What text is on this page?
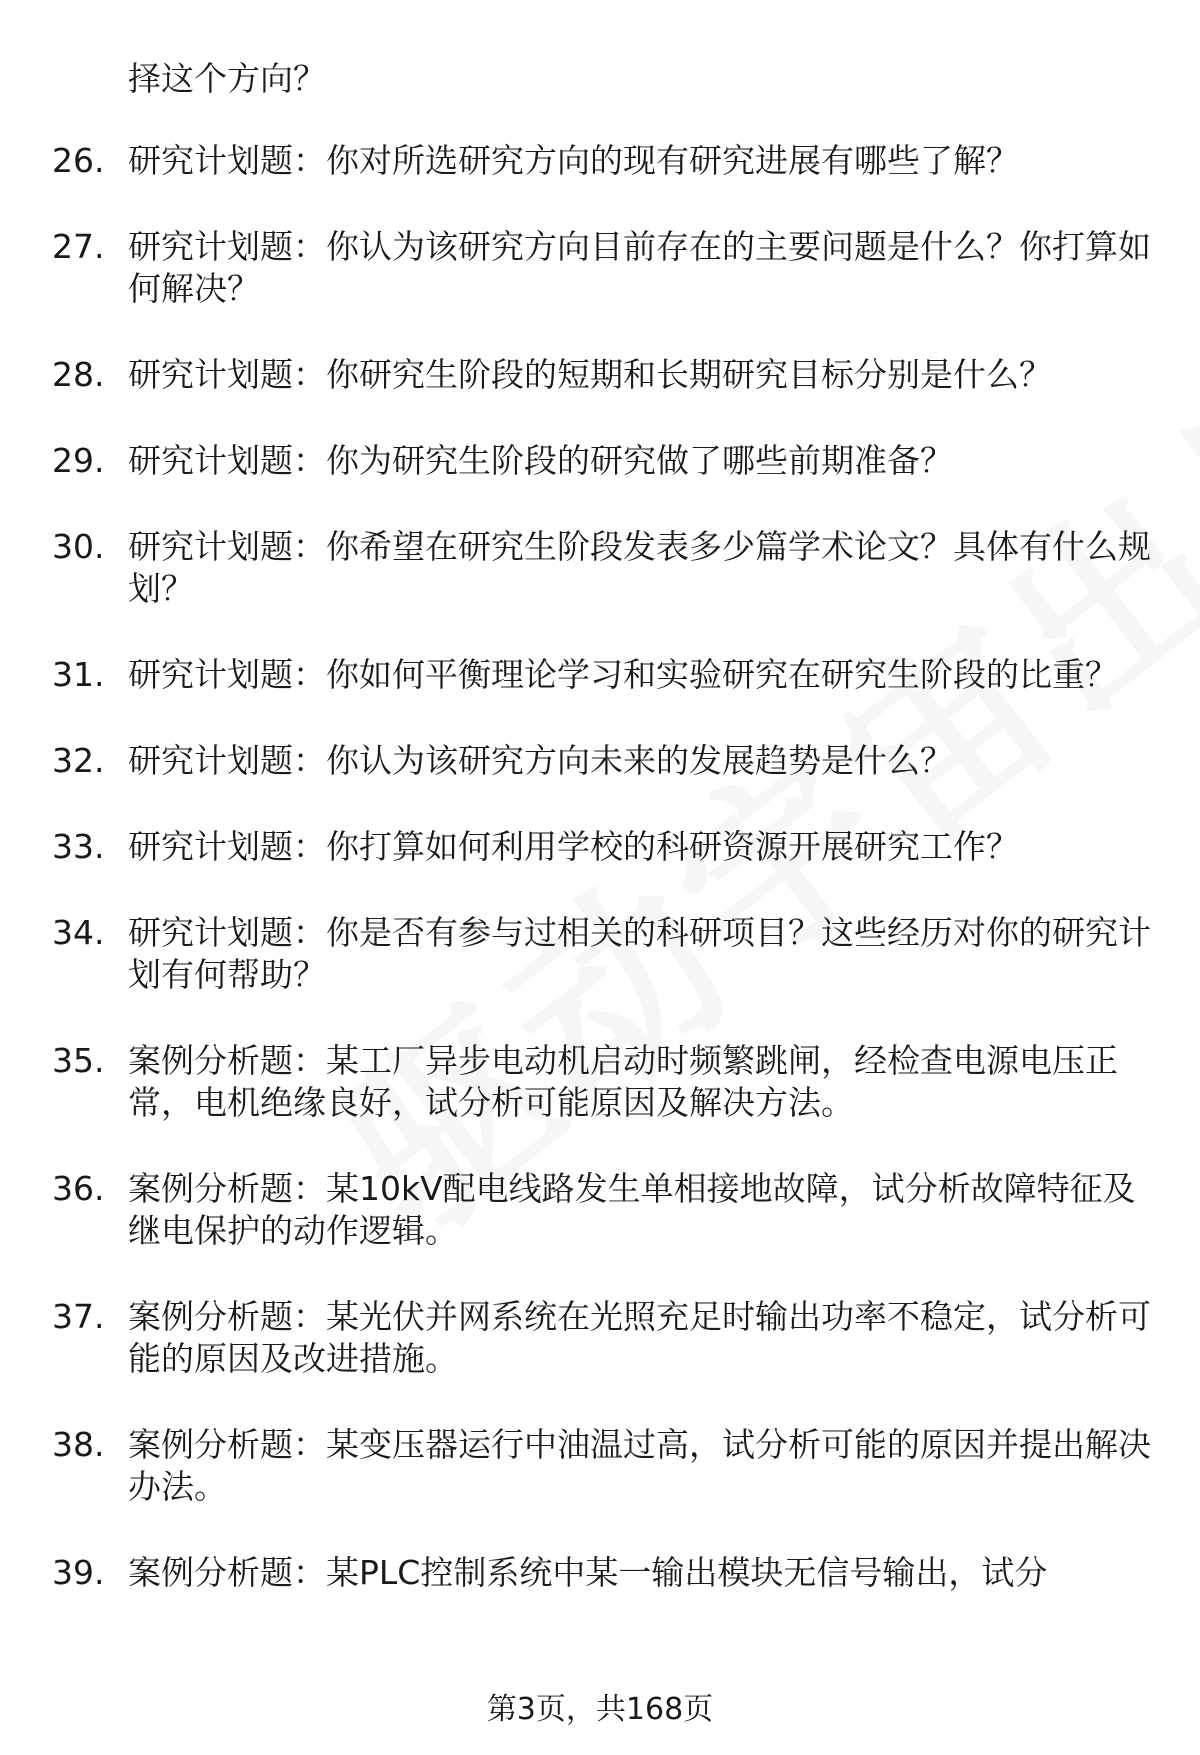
择这个方向？
26. 研究计划题：你对所选研究方向的现有研究进展有哪些了解？
27. 研究计划题：你认为该研究方向目前存在的主要问题是什么？你打算如何解决？
28. 研究计划题：你研究生阶段的短期和长期研究目标分别是什么？
29. 研究计划题：你为研究生阶段的研究做了哪些前期准备？
30. 研究计划题：你希望在研究生阶段发表多少篇学术论文？具体有什么规划？
31. 研究计划题：你如何平衡理论学习和实验研究在研究生阶段的比重？
32. 研究计划题：你认为该研究方向未来的发展趋势是什么？
33. 研究计划题：你打算如何利用学校的科研资源开展研究工作？
34. 研究计划题：你是否有参与过相关的科研项目？这些经历对你的研究计划有何帮助？
35. 案例分析题：某工厂异步电动机启动时频繁跳闸，经检查电源电压正常，电机绝缘良好，试分析可能原因及解决方法。
36. 案例分析题：某10kV配电线路发生单相接地故障，试分析故障特征及继电保护的动作逻辑。
37. 案例分析题：某光伏并网系统在光照充足时输出功率不稳定，试分析可能的原因及改进措施。
38. 案例分析题：某变压器运行中油温过高，试分析可能的原因并提出解决办法。
39. 案例分析题：某PLC控制系统中某一输出模块无信号输出，试分
第3页，共168页
